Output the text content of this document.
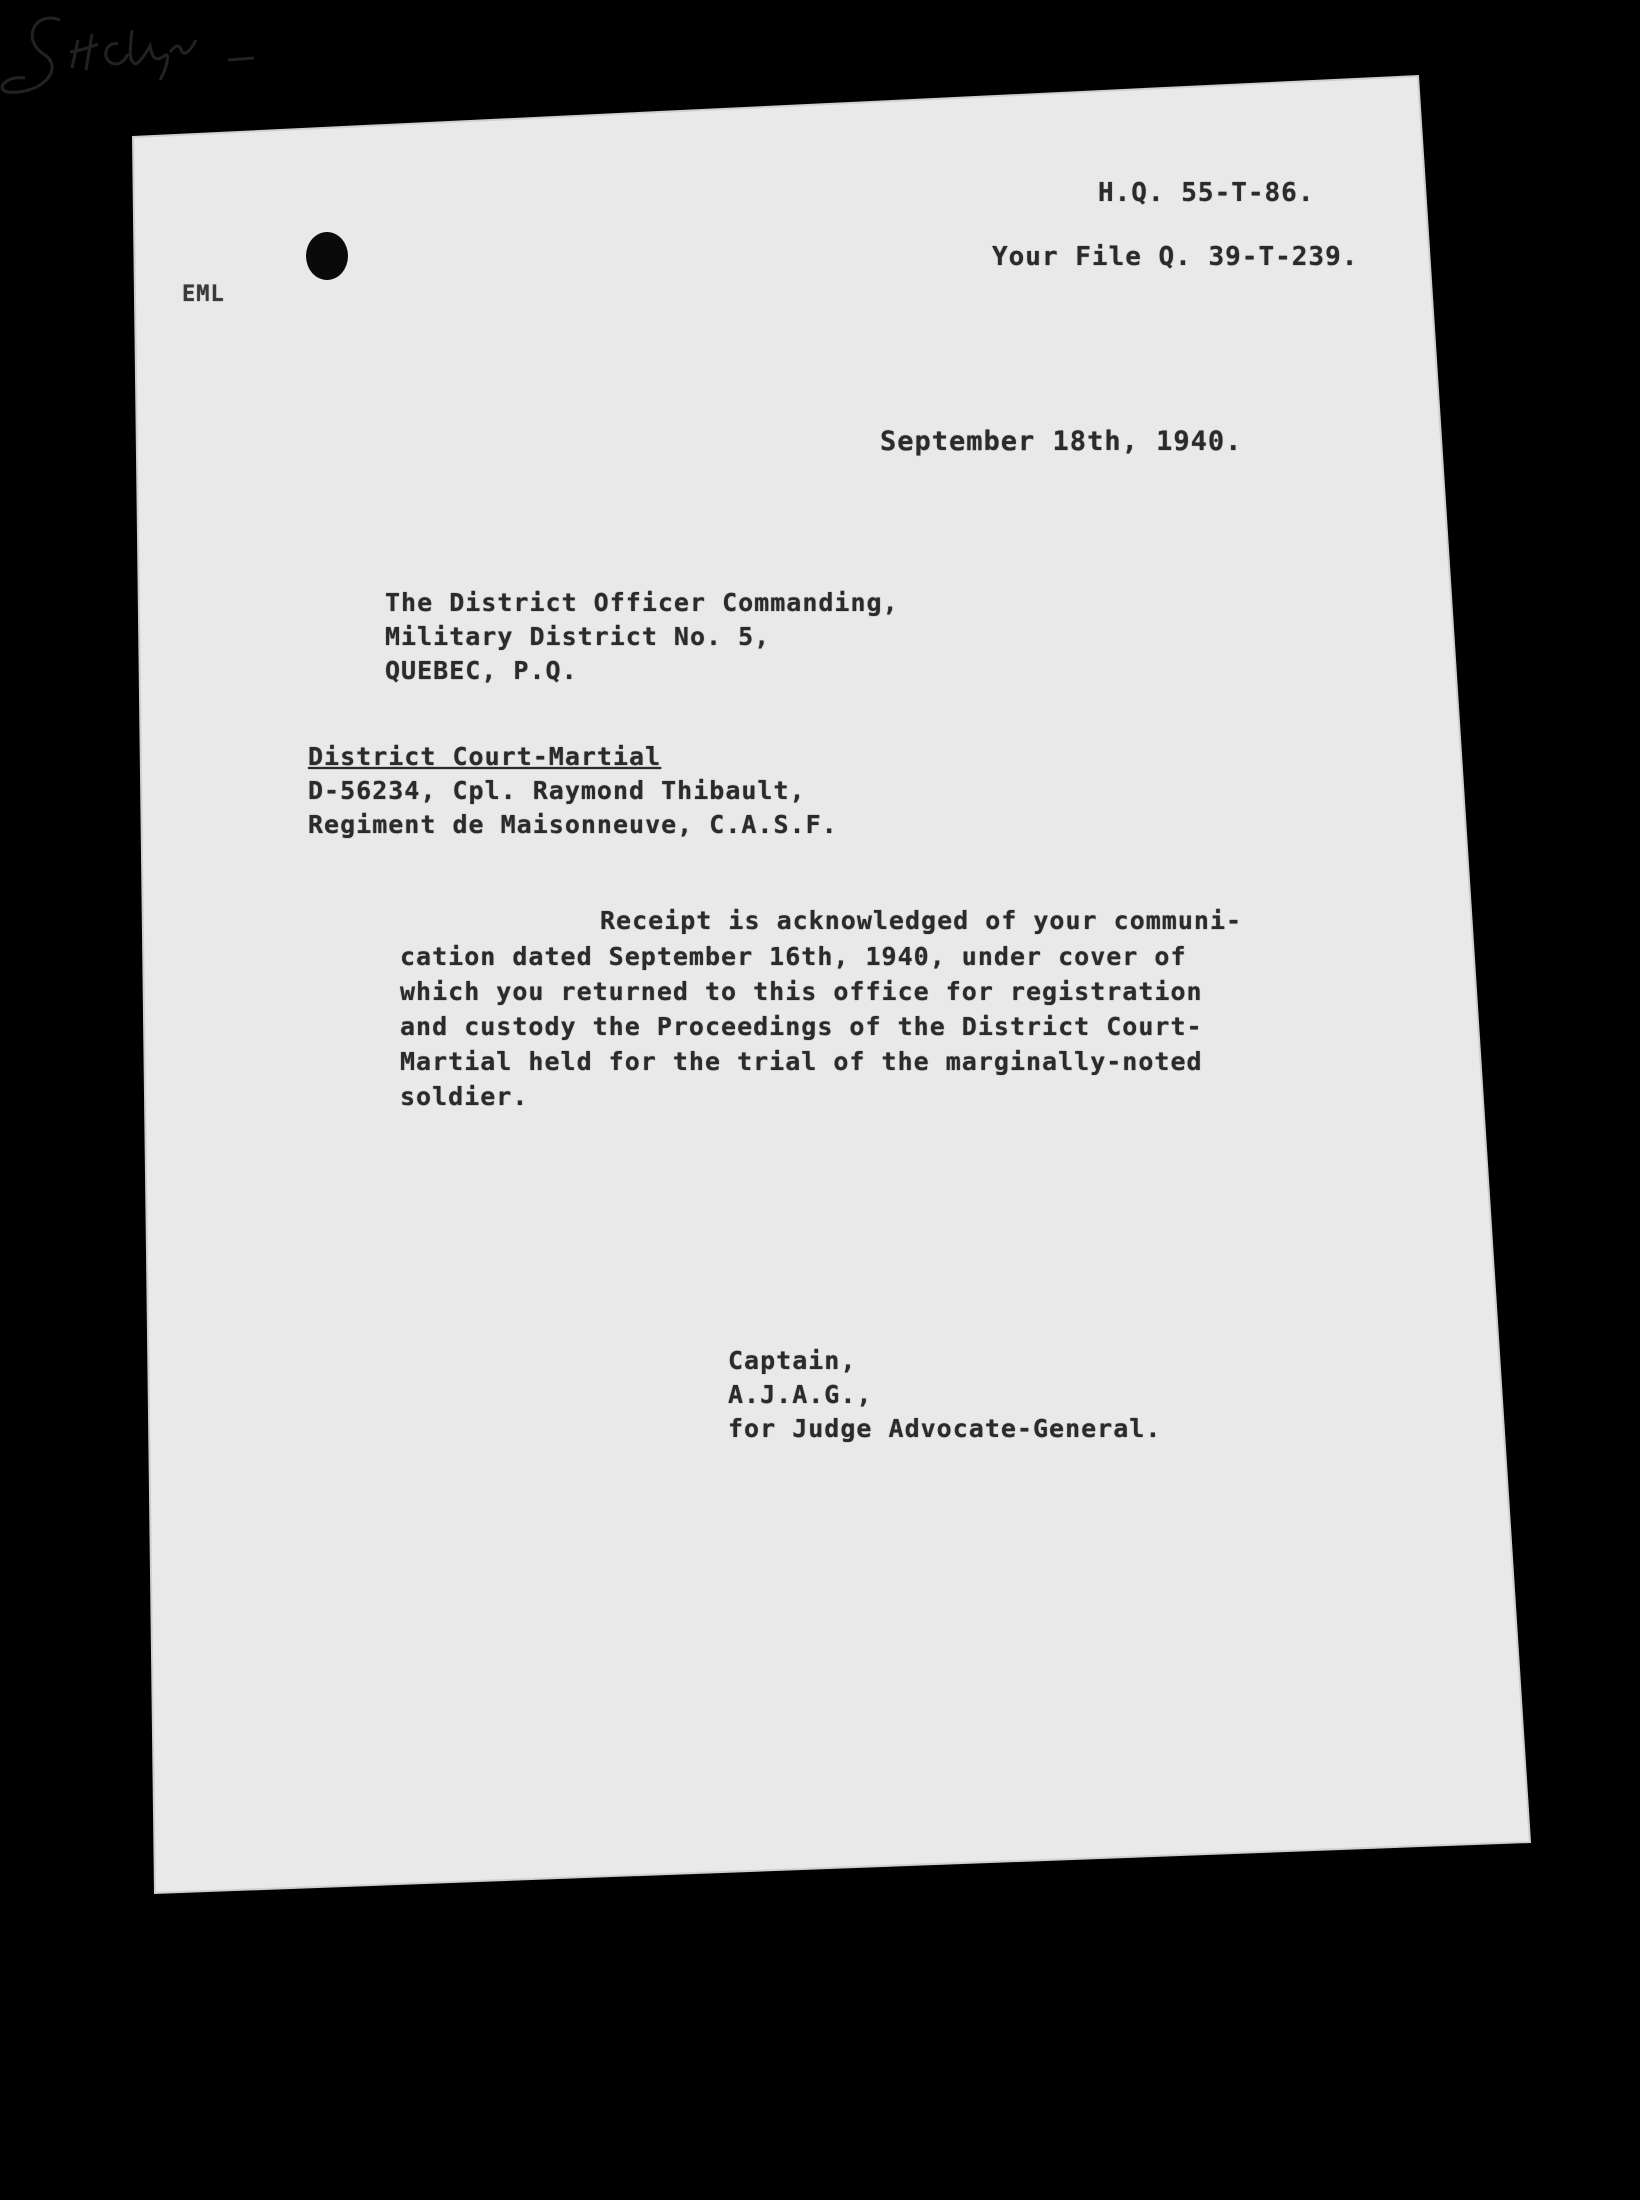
H.Q. 55-T-86.

Your File Q. 39-T-239.

EML

September 18th, 1940.

The District Officer Commanding,

Military District No. 5,

QUEBEC, P.Q.

District Court-Martial

D-56234, Cpl. Raymond Thibault,

Regiment de Maisonneuve, C.A.S.F.

Receipt is acknowledged of your communi-

cation dated September 16th, 1940, under cover of

which you returned to this office for registration

and custody the Proceedings of the District Court-

Martial held for the trial of the marginally-noted

soldier.

Captain,

A.J.A.G.,

for Judge Advocate-General.
